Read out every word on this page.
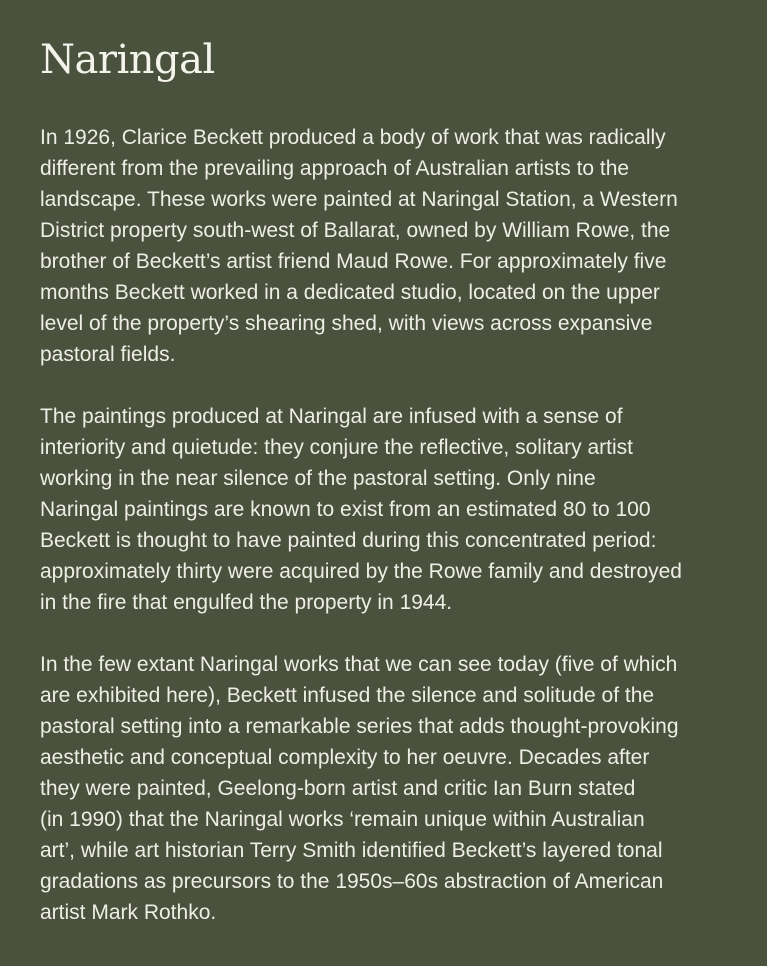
Naringal

In 1926, Clarice Beckett produced a body of work that was radically
different from the prevailing approach of Australian artists to the
landscape. These works were painted at Naringal Station, a Western
District property south-west of Ballarat, owned by William Rowe, the
brother of Beckett’s artist friend Maud Rowe. For approximately five
months Beckett worked in a dedicated studio, located on the upper
level of the property’s shearing shed, with views across expansive
pastoral fields.

The paintings produced at Naringal are infused with a sense of
interiority and quietude: they conjure the reflective, solitary artist
working in the near silence of the pastoral setting. Only nine
Naringal paintings are known to exist from an estimated 80 to 100
Beckett is thought to have painted during this concentrated period:
approximately thirty were acquired by the Rowe family and destroyed
in the fire that engulfed the property in 1944.

In the few extant Naringal works that we can see today (five of which
are exhibited here), Beckett infused the silence and solitude of the
pastoral setting into a remarkable series that adds thought-provoking
aesthetic and conceptual complexity to her oeuvre. Decades after
they were painted, Geelong-born artist and critic Ian Burn stated
(in 1990) that the Naringal works ‘remain unique within Australian
art’, while art historian Terry Smith identified Beckett’s layered tonal
gradations as precursors to the 1950s–60s abstraction of American
artist Mark Rothko.
